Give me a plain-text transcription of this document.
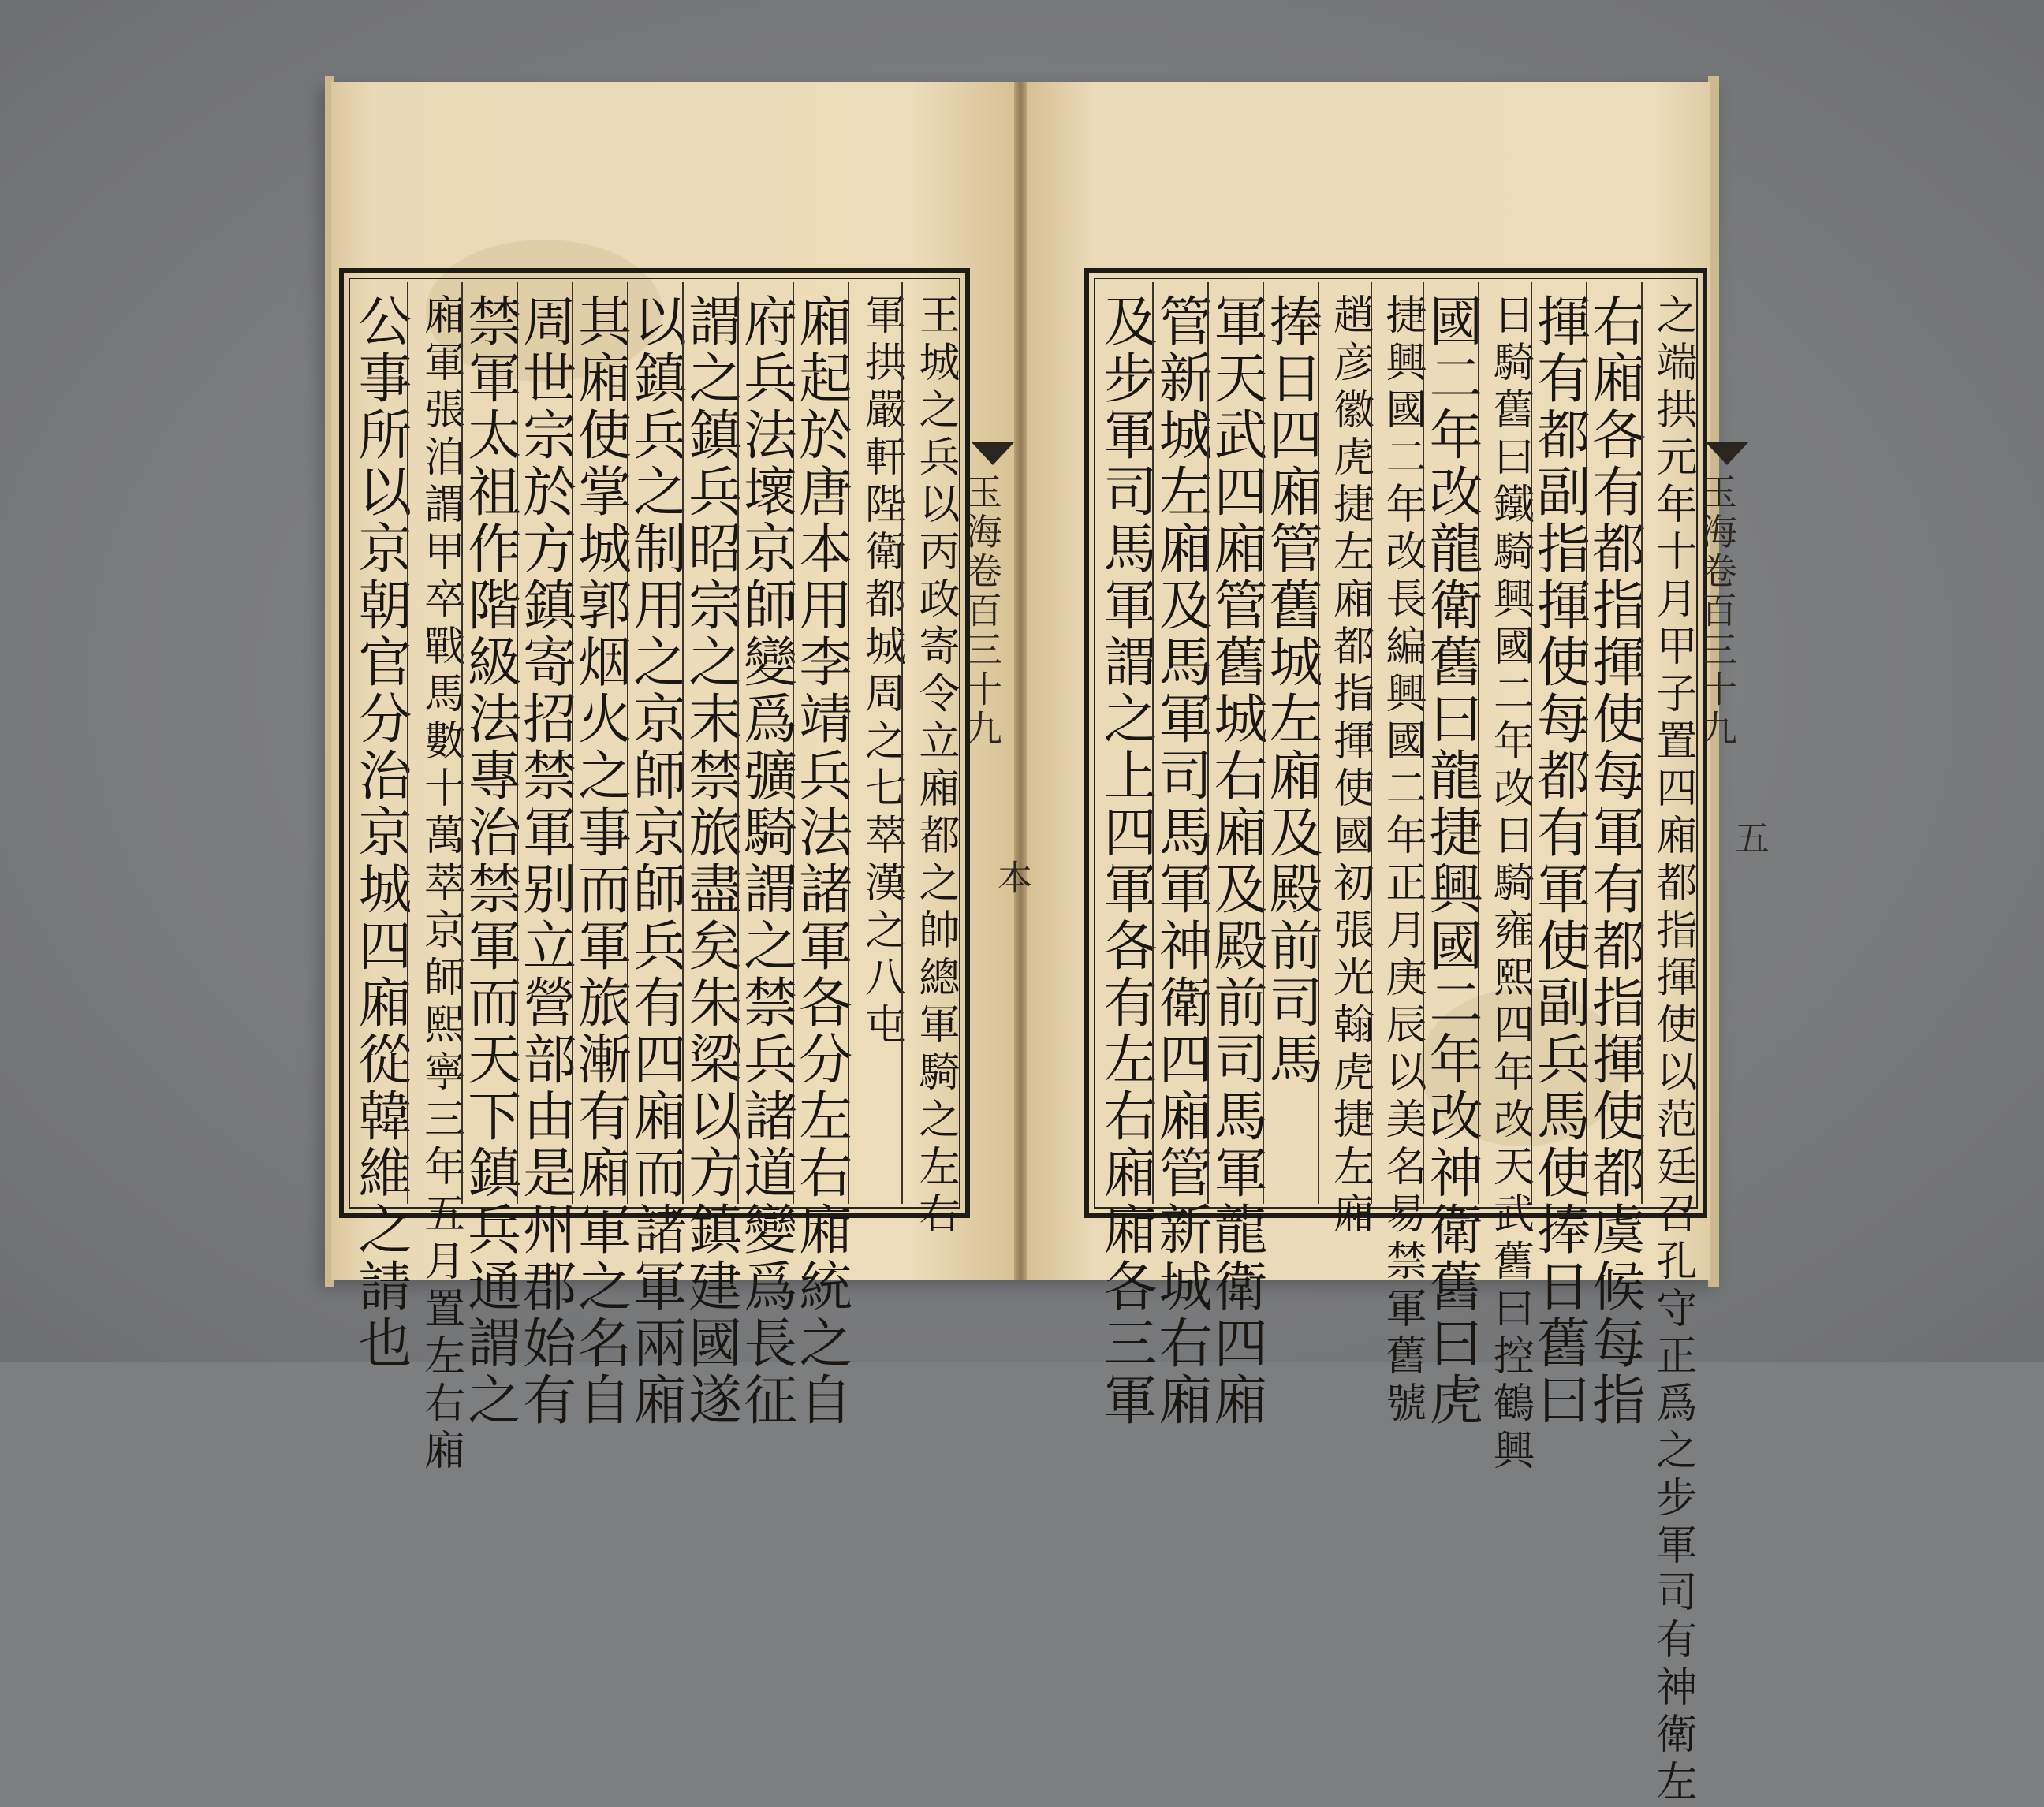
王城之兵以丙政寄令立廂都之帥總軍騎之左右
軍拱嚴軒陛衛都城周之七萃漢之八屯
廂起於唐本用李靖兵法諸軍各分左右廂統之自
府兵法壞京師變爲彍騎謂之禁兵諸道變爲長征
謂之鎮兵昭宗之末禁旅盡矣朱梁以方鎮建國遂
以鎮兵之制用之京師京師兵有四廂而諸軍兩廂
其廂使掌城郭烟火之事而軍旅漸有廂軍之名自
周世宗於方鎮寄招禁軍别立營部由是州郡始有
禁軍太祖作階級法專治禁軍而天下鎮兵通謂之
廂軍張洎謂甲卒戰馬數十萬萃京師熙寧三年五月置左右廂
公事所以京朝官分治京城四廂從韓維之請也	玉海卷百三十九
本	之端拱元年十月甲子置四廂都指揮使以范廷召孔守正爲之步軍司有神衛左
右廂各有都指揮使每軍有都指揮使都虞候每指
揮有都副指揮使每都有軍使副兵馬使捧日舊曰
日騎舊曰鐵騎興國二年改日騎雍熙四年改天武舊曰控鶴興
國二年改龍衛舊曰龍捷興國二年改神衛舊曰虎
捷興國二年改長編興國二年正月庚辰以美名易禁軍舊號
趙彦徽虎捷左廂都指揮使國初張光翰虎捷左廂
捧日四廂管舊城左廂及殿前司馬
軍天武四廂管舊城右廂及殿前司馬軍龍衛四廂
管新城左廂及馬軍司馬軍神衛四廂管新城右廂
及步軍司馬軍謂之上四軍各有左右廂廂各三軍	玉海卷百三十九
五
